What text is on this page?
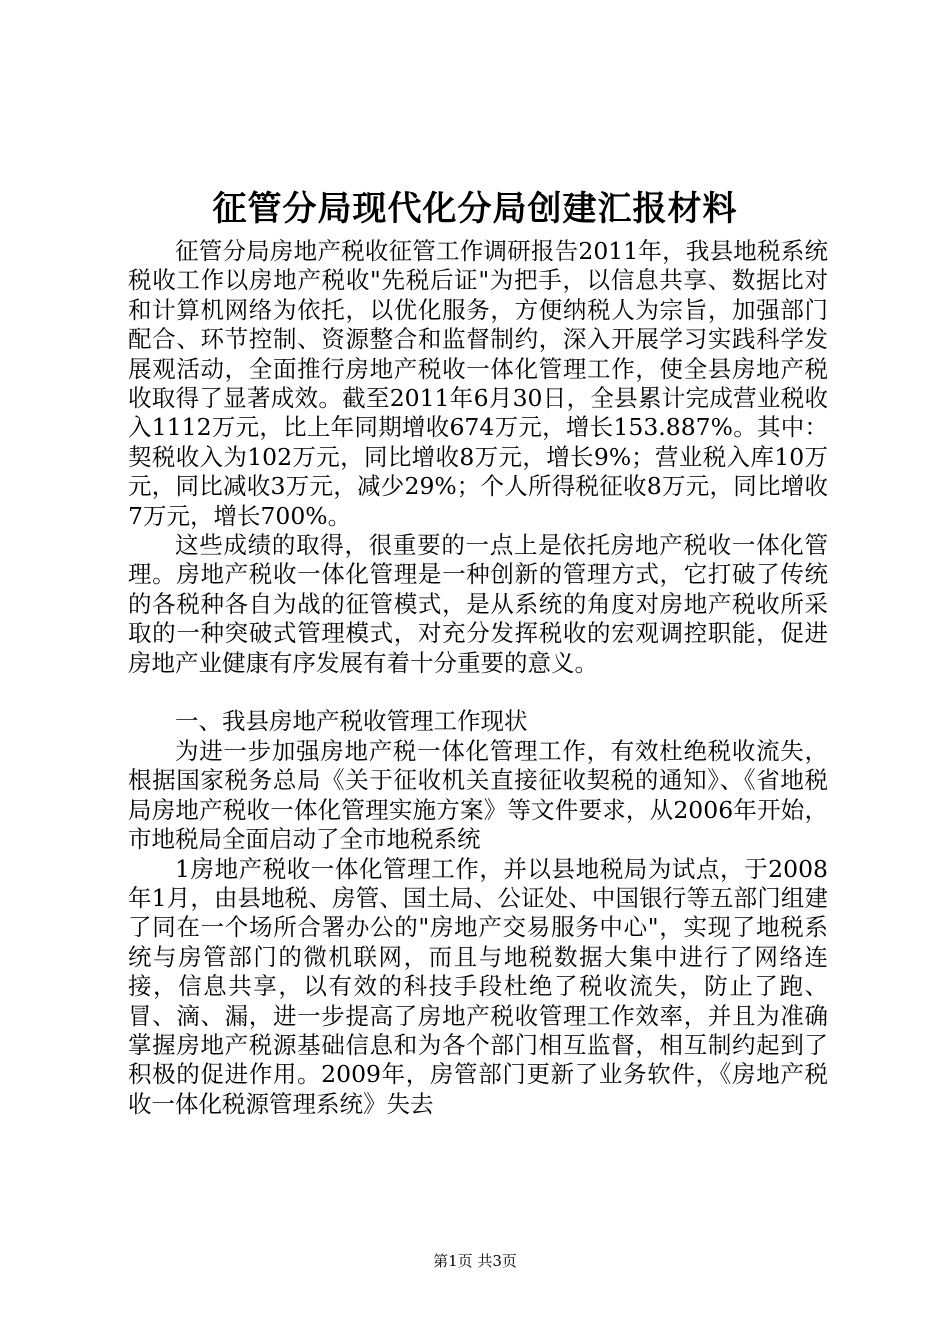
征管分局现代化分局创建汇报材料

征管分局房地产税收征管工作调研报告2011年，我县地税系统税收工作以房地产税收"先税后证"为把手，以信息共享、数据比对和计算机网络为依托，以优化服务，方便纳税人为宗旨，加强部门配合、环节控制、资源整合和监督制约，深入开展学习实践科学发展观活动，全面推行房地产税收一体化管理工作，使全县房地产税收取得了显著成效。截至2011年6月30日，全县累计完成营业税收入1112万元，比上年同期增收674万元，增长153.887%。其中：契税收入为102万元，同比增收8万元，增长9%；营业税入库10万元，同比减收3万元，减少29%；个人所得税征收8万元，同比增收7万元，增长700%。

这些成绩的取得，很重要的一点上是依托房地产税收一体化管理。房地产税收一体化管理是一种创新的管理方式，它打破了传统的各税种各自为战的征管模式，是从系统的角度对房地产税收所采取的一种突破式管理模式，对充分发挥税收的宏观调控职能，促进房地产业健康有序发展有着十分重要的意义。

一、我县房地产税收管理工作现状

为进一步加强房地产税一体化管理工作，有效杜绝税收流失，根据国家税务总局《关于征收机关直接征收契税的通知》、《省地税局房地产税收一体化管理实施方案》等文件要求，从2006年开始，市地税局全面启动了全市地税系统

1房地产税收一体化管理工作，并以县地税局为试点，于2008年1月，由县地税、房管、国土局、公证处、中国银行等五部门组建了同在一个场所合署办公的"房地产交易服务中心"，实现了地税系统与房管部门的微机联网，而且与地税数据大集中进行了网络连接，信息共享，以有效的科技手段杜绝了税收流失，防止了跑、冒、滴、漏，进一步提高了房地产税收管理工作效率，并且为准确掌握房地产税源基础信息和为各个部门相互监督，相互制约起到了积极的促进作用。2009年，房管部门更新了业务软件，《房地产税收一体化税源管理系统》失去

第1页 共3页
